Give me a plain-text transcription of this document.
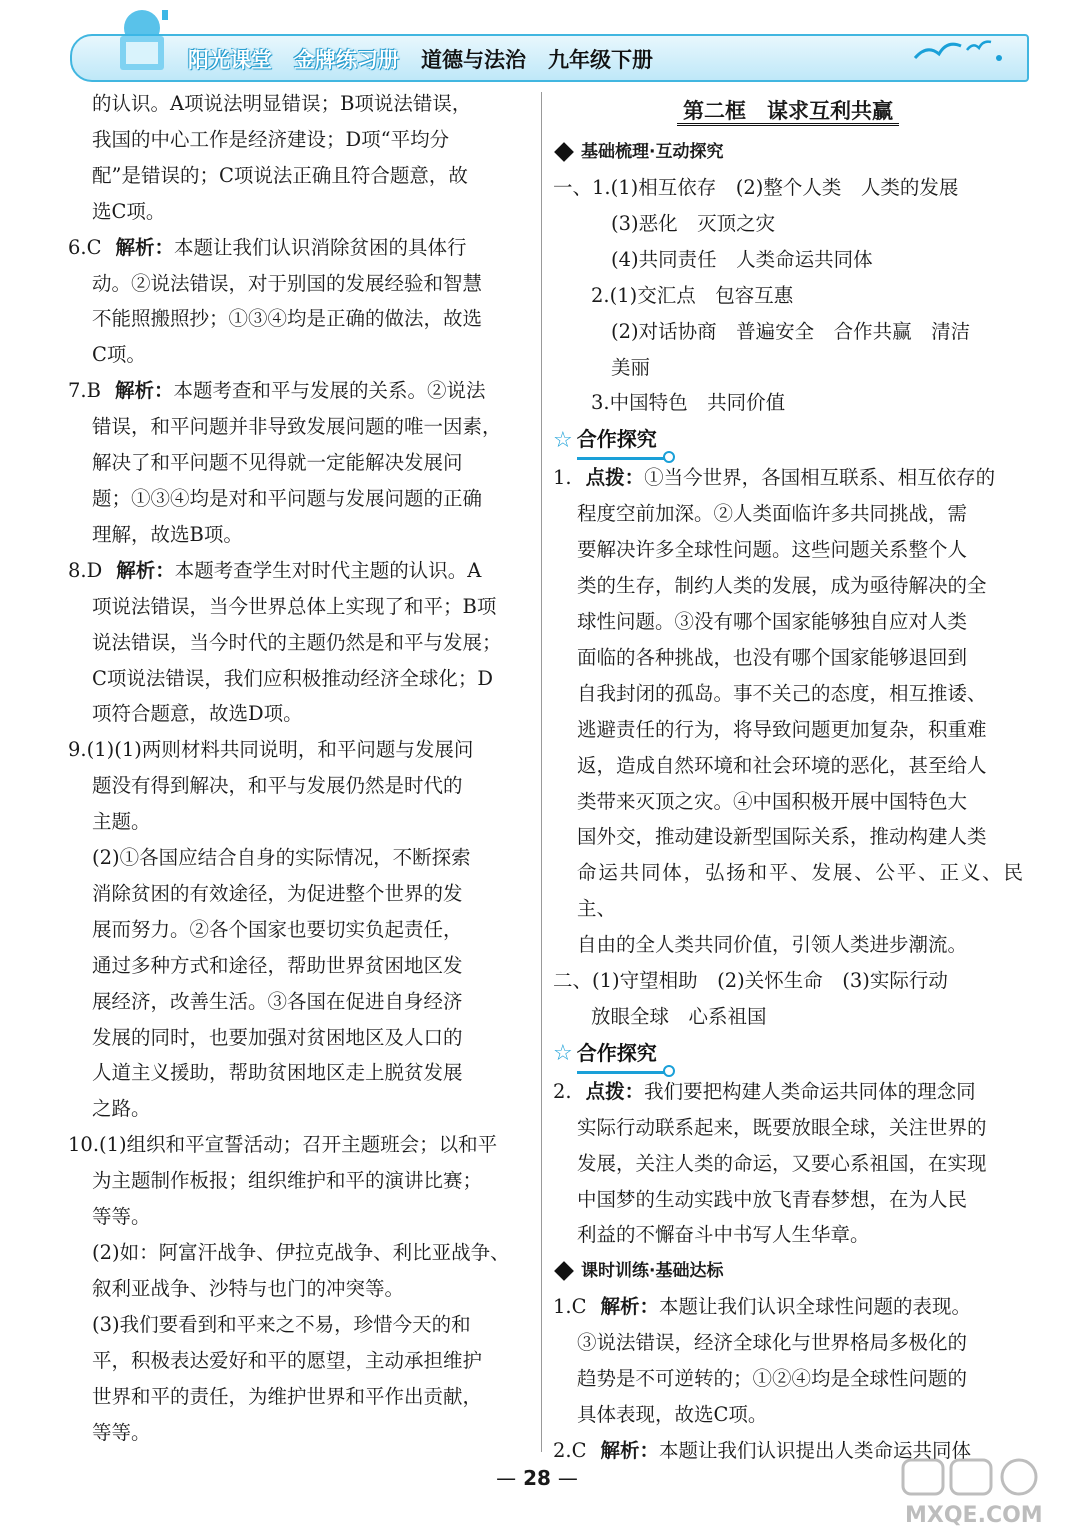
阳光课堂 金牌练习册 道德与法治 九年级下册

的认识。A项说法明显错误；B项说法错误，

我国的中心工作是经济建设；D项“平均分

配”是错误的；C项说法正确且符合题意，故

选C项。

6.C 解析：本题让我们认识消除贫困的具体行

动。②说法错误，对于别国的发展经验和智慧

不能照搬照抄；①③④均是正确的做法，故选

C项。

7.B 解析：本题考查和平与发展的关系。②说法

错误，和平问题并非导致发展问题的唯一因素，

解决了和平问题不见得就一定能解决发展问

题；①③④均是对和平问题与发展问题的正确

理解，故选B项。

8.D 解析：本题考查学生对时代主题的认识。A

项说法错误，当今世界总体上实现了和平；B项

说法错误，当今时代的主题仍然是和平与发展；

C项说法错误，我们应积极推动经济全球化；D

项符合题意，故选D项。

9.(1)(1)两则材料共同说明，和平问题与发展问

题没有得到解决，和平与发展仍然是时代的

主题。

(2)①各国应结合自身的实际情况，不断探索

消除贫困的有效途径，为促进整个世界的发

展而努力。②各个国家也要切实负起责任，

通过多种方式和途径，帮助世界贫困地区发

展经济，改善生活。③各国在促进自身经济

发展的同时，也要加强对贫困地区及人口的

人道主义援助，帮助贫困地区走上脱贫发展

之路。

10.(1)组织和平宣誓活动；召开主题班会；以和平

为主题制作板报；组织维护和平的演讲比赛；

等等。

(2)如：阿富汗战争、伊拉克战争、利比亚战争、

叙利亚战争、沙特与也门的冲突等。

(3)我们要看到和平来之不易，珍惜今天的和

平，积极表达爱好和平的愿望，主动承担维护

世界和平的责任，为维护世界和平作出贡献，

等等。

第二框　谋求互利共赢
基础梳理·互动探究

一、1.(1)相互依存　(2)整个人类　人类的发展

(3)恶化　灭顶之灾

(4)共同责任　人类命运共同体

2.(1)交汇点　包容互惠

(2)对话协商　普遍安全　合作共赢　清洁

美丽

3.中国特色　共同价值

☆ 合作探究

1. 点拨：①当今世界，各国相互联系、相互依存的

程度空前加深。②人类面临许多共同挑战，需

要解决许多全球性问题。这些问题关系整个人

类的生存，制约人类的发展，成为亟待解决的全

球性问题。③没有哪个国家能够独自应对人类

面临的各种挑战，也没有哪个国家能够退回到

自我封闭的孤岛。事不关己的态度，相互推诿、

逃避责任的行为，将导致问题更加复杂，积重难

返，造成自然环境和社会环境的恶化，甚至给人

类带来灭顶之灾。④中国积极开展中国特色大

国外交，推动建设新型国际关系，推动构建人类

命运共同体，弘扬和平、发展、公平、正义、民主、

自由的全人类共同价值，引领人类进步潮流。

二、(1)守望相助　(2)关怀生命　(3)实际行动

放眼全球　心系祖国

☆ 合作探究

2. 点拨：我们要把构建人类命运共同体的理念同

实际行动联系起来，既要放眼全球，关注世界的

发展，关注人类的命运，又要心系祖国，在实现

中国梦的生动实践中放飞青春梦想，在为人民

利益的不懈奋斗中书写人生华章。

课时训练·基础达标

1.C 解析：本题让我们认识全球性问题的表现。

③说法错误，经济全球化与世界格局多极化的

趋势是不可逆转的；①②④均是全球性问题的

具体表现，故选C项。

2.C 解析：本题让我们认识提出人类命运共同体

— 28 —
MXQE.COM
